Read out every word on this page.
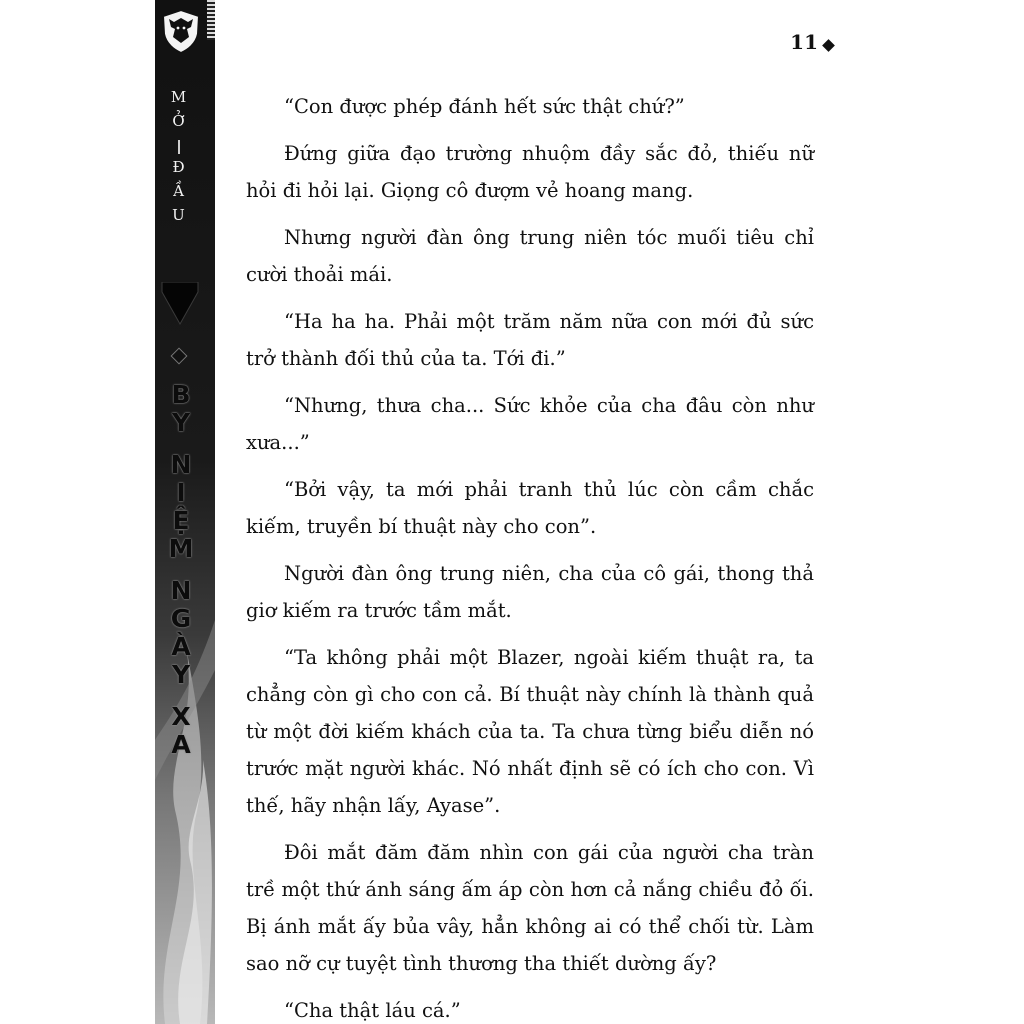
M
Ở
Đ
Ầ
U
B
Y
N
I
Ệ
M
N
G
À
Y
X
A
11

“Con được phép đánh hết sức thật chứ?”

Đứng giữa đạo trường nhuộm đầy sắc đỏ, thiếu nữ hỏi đi hỏi lại. Giọng cô đượm vẻ hoang mang.

Nhưng người đàn ông trung niên tóc muối tiêu chỉ cười thoải mái.

“Ha ha ha. Phải một trăm năm nữa con mới đủ sức trở thành đối thủ của ta. Tới đi.”

“Nhưng, thưa cha... Sức khỏe của cha đâu còn như xưa...”

“Bởi vậy, ta mới phải tranh thủ lúc còn cầm chắc kiếm, truyền bí thuật này cho con”.

Người đàn ông trung niên, cha của cô gái, thong thả giơ kiếm ra trước tầm mắt.

“Ta không phải một Blazer, ngoài kiếm thuật ra, ta chẳng còn gì cho con cả. Bí thuật này chính là thành quả từ một đời kiếm khách của ta. Ta chưa từng biểu diễn nó trước mặt người khác. Nó nhất định sẽ có ích cho con. Vì thế, hãy nhận lấy, Ayase”.

Đôi mắt đăm đăm nhìn con gái của người cha tràn trề một thứ ánh sáng ấm áp còn hơn cả nắng chiều đỏ ối. Bị ánh mắt ấy bủa vây, hẳn không ai có thể chối từ. Làm sao nỡ cự tuyệt tình thương tha thiết dường ấy?

“Cha thật láu cá.”
